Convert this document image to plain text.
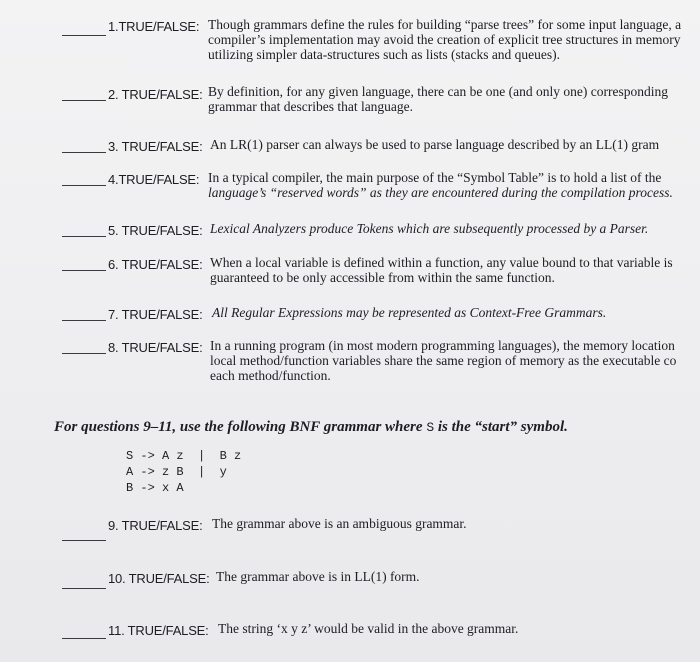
1.TRUE/FALSE: Though grammars define the rules for building “parse trees” for some input language, a
compiler’s implementation may avoid the creation of explicit tree structures in memory
utilizing simpler data-structures such as lists (stacks and queues).
2. TRUE/FALSE: By definition, for any given language, there can be one (and only one) corresponding
grammar that describes that language.
3. TRUE/FALSE: An LR(1) parser can always be used to parse language described by an LL(1) gram
4.TRUE/FALSE: In a typical compiler, the main purpose of the “Symbol Table” is to hold a list of the
language’s “reserved words” as they are encountered during the compilation process.
5. TRUE/FALSE: Lexical Analyzers produce Tokens which are subsequently processed by a Parser.
6. TRUE/FALSE: When a local variable is defined within a function, any value bound to that variable is
guaranteed to be only accessible from within the same function.
7. TRUE/FALSE: All Regular Expressions may be represented as Context-Free Grammars.
8. TRUE/FALSE: In a running program (in most modern programming languages), the memory location
local method/function variables share the same region of memory as the executable co
each method/function.
For questions 9–11, use the following BNF grammar where S is the “start” symbol.
S -> A z  |  B z
A -> z B  |  y
B -> x A
9. TRUE/FALSE: The grammar above is an ambiguous grammar.
10. TRUE/FALSE: The grammar above is in LL(1) form.
11. TRUE/FALSE: The string ‘x y z’ would be valid in the above grammar.
